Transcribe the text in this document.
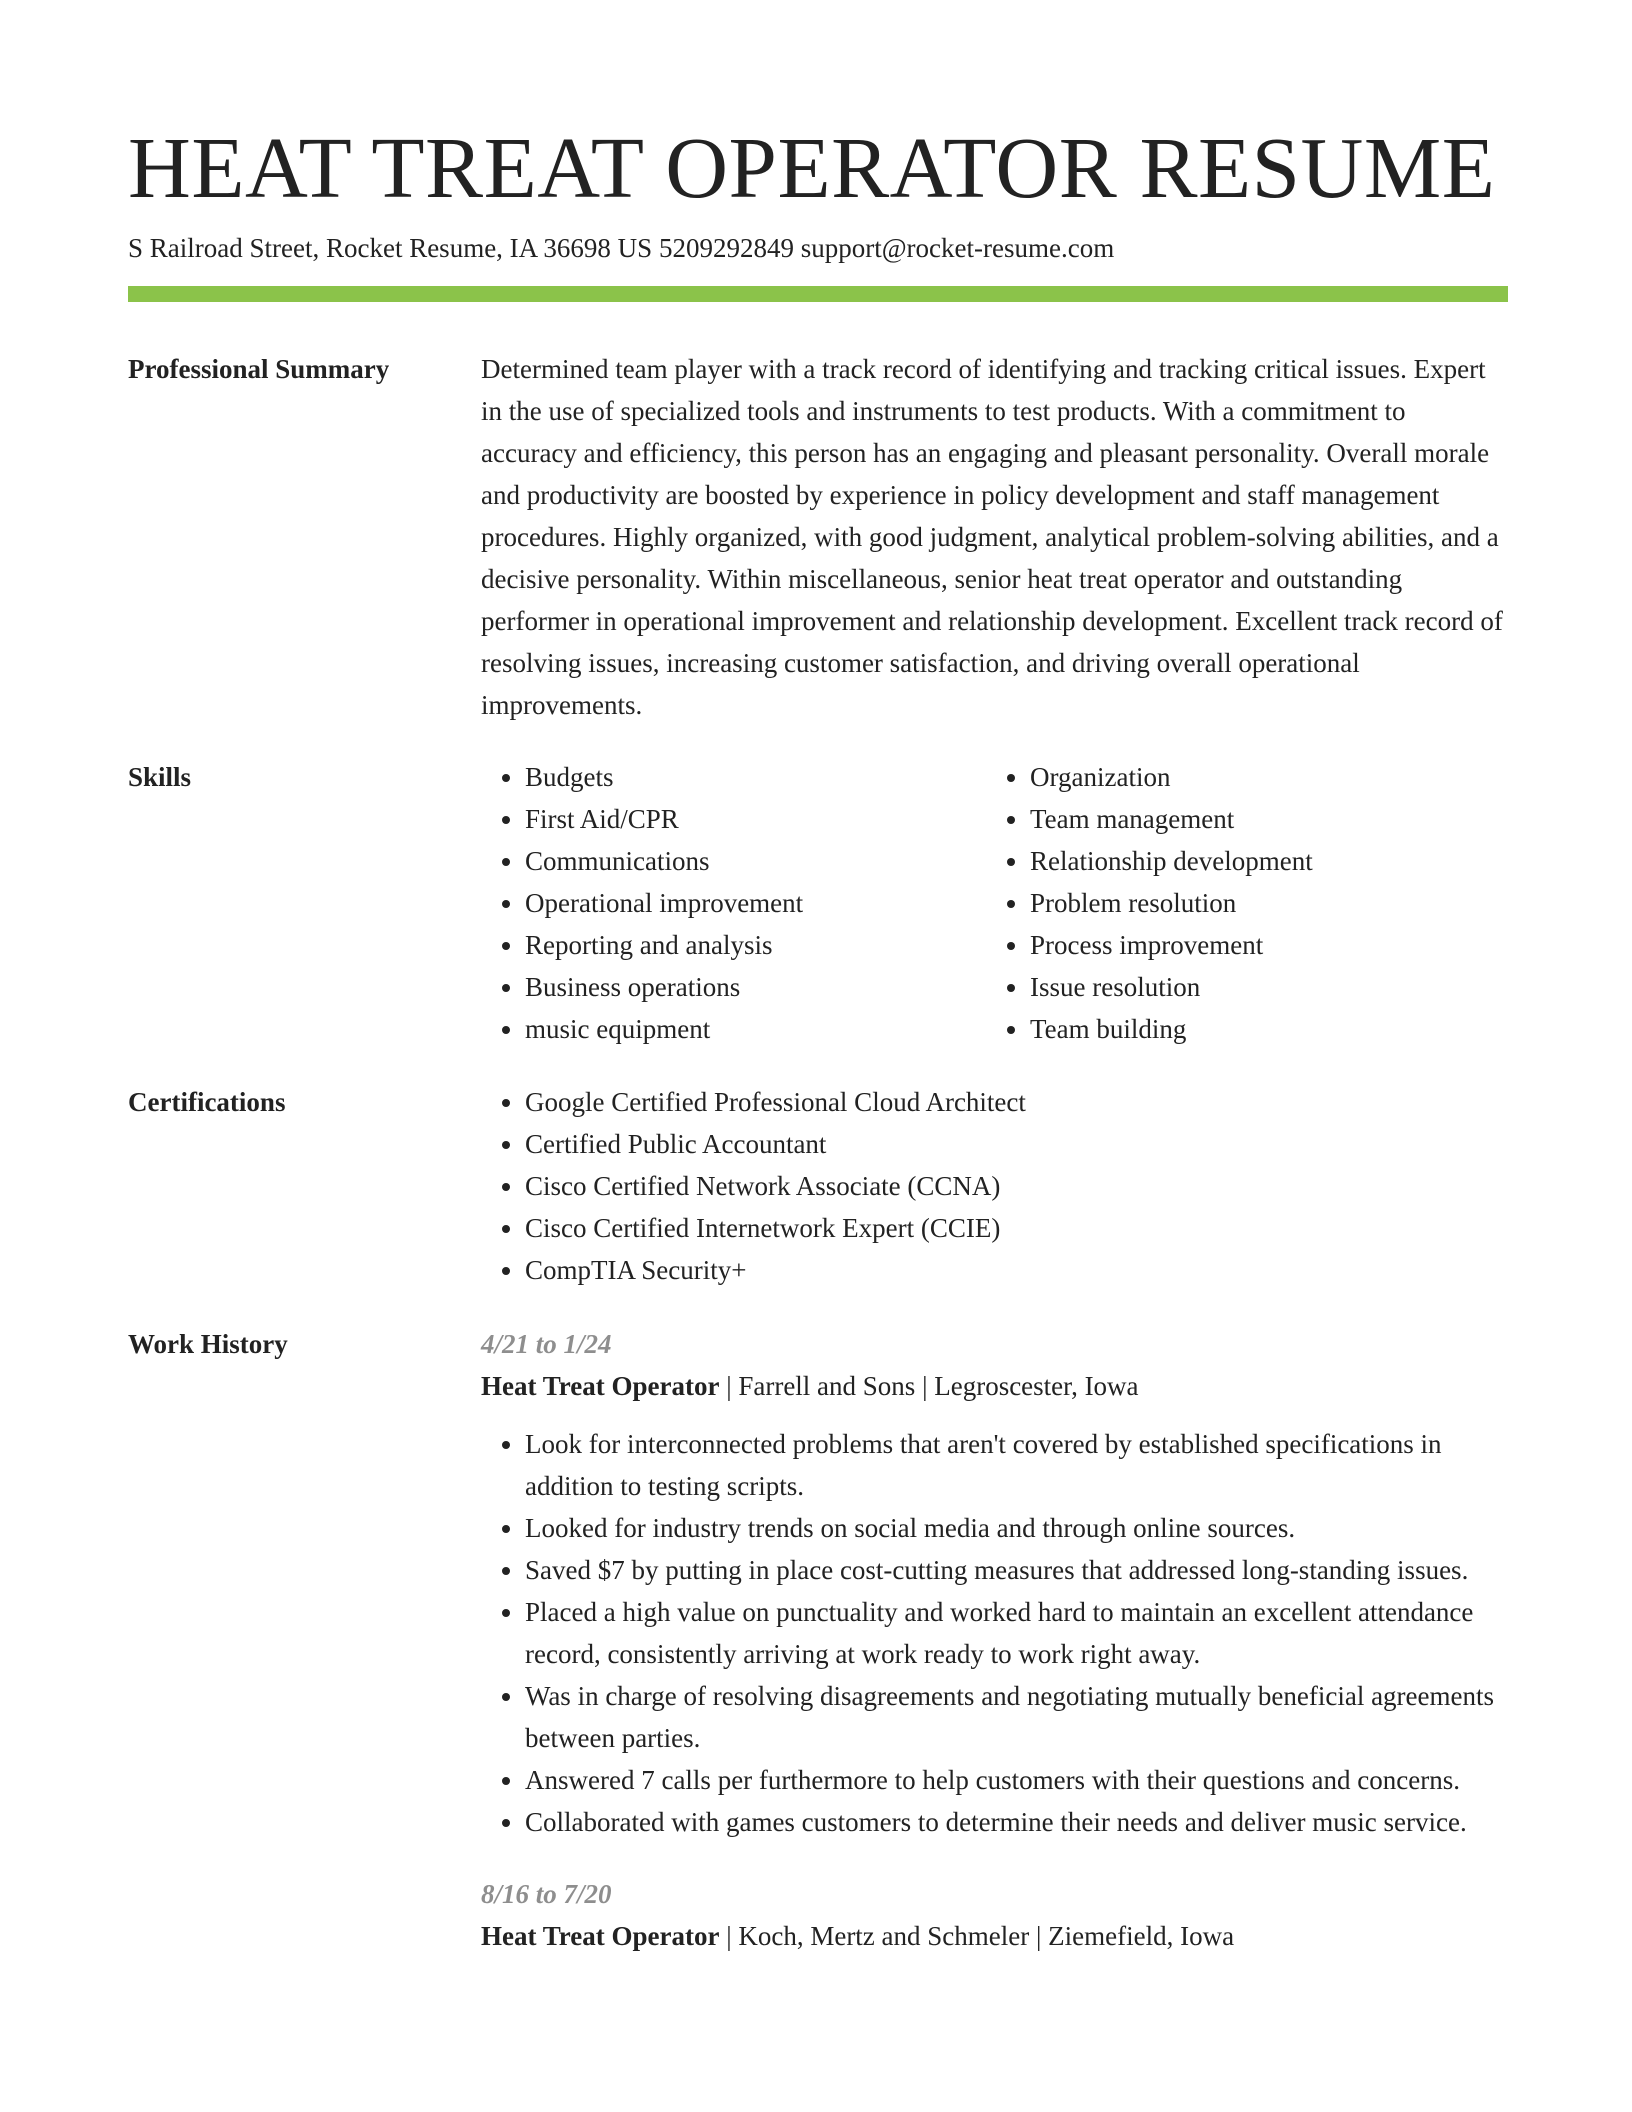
HEAT TREAT OPERATOR RESUME
S Railroad Street, Rocket Resume, IA 36698 US 5209292849 support@rocket-resume.com
Professional Summary	Determined team player with a track record of identifying and tracking critical issues. Expert in the use of specialized tools and instruments to test products. With a commitment to accuracy and efficiency, this person has an engaging and pleasant personality. Overall morale and productivity are boosted by experience in policy development and staff management procedures. Highly organized, with good judgment, analytical problem-solving abilities, and a decisive personality. Within miscellaneous, senior heat treat operator and outstanding performer in operational improvement and relationship development. Excellent track record of resolving issues, increasing customer satisfaction, and driving overall operational improvements.

Skills	• Budgets
• First Aid/CPR
• Communications
• Operational improvement
• Reporting and analysis
• Business operations
• music equipment
• Organization
• Team management
• Relationship development
• Problem resolution
• Process improvement
• Issue resolution
• Team building
Certifications	• Google Certified Professional Cloud Architect
• Certified Public Accountant
• Cisco Certified Network Associate (CCNA)
• Cisco Certified Internetwork Expert (CCIE)
• CompTIA Security+
Work History	4/21 to 1/24
Heat Treat Operator | Farrell and Sons | Legroscester, Iowa
• Look for interconnected problems that aren't covered by established specifications in addition to testing scripts.
• Looked for industry trends on social media and through online sources.
• Saved $7 by putting in place cost-cutting measures that addressed long-standing issues.
• Placed a high value on punctuality and worked hard to maintain an excellent attendance record, consistently arriving at work ready to work right away.
• Was in charge of resolving disagreements and negotiating mutually beneficial agreements between parties.
• Answered 7 calls per furthermore to help customers with their questions and concerns.
• Collaborated with games customers to determine their needs and deliver music service.
8/16 to 7/20
Heat Treat Operator | Koch, Mertz and Schmeler | Ziemefield, Iowa
